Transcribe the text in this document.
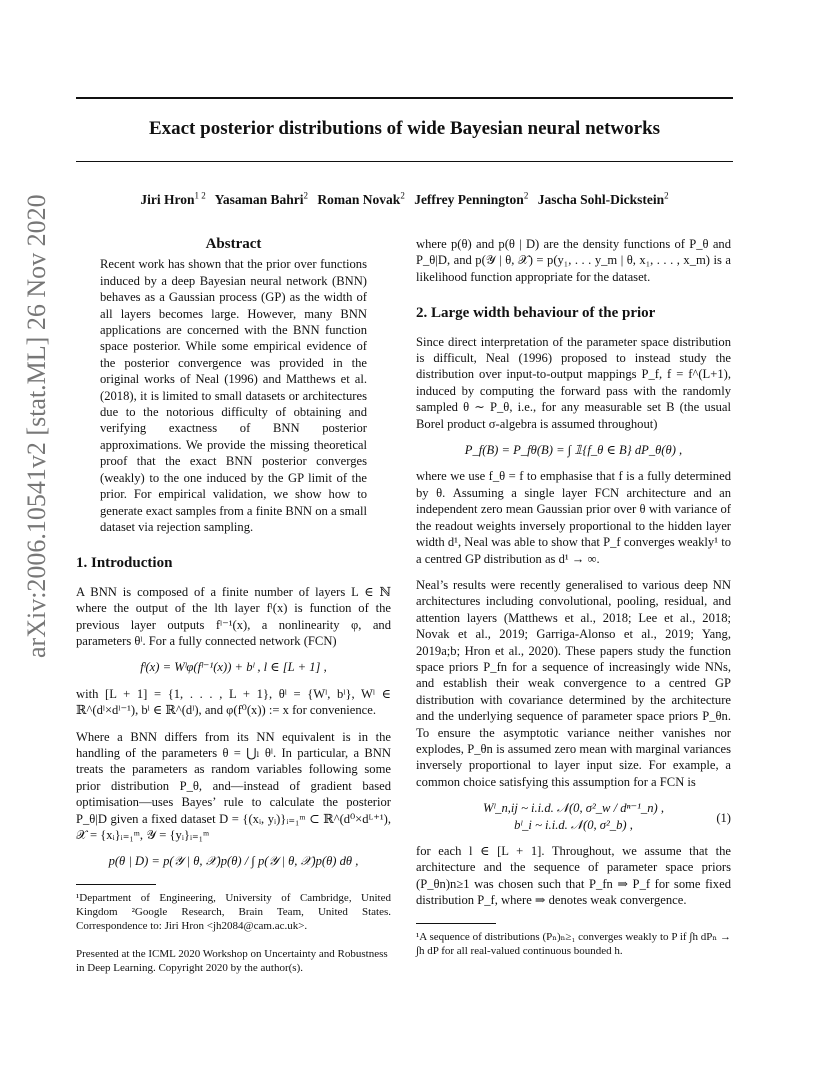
Exact posterior distributions of wide Bayesian neural networks
Jiri Hron$^{1 2}$ Yasaman Bahri$^2$ Roman Novak$^2$ Jeffrey Pennington$^2$ Jascha Sohl-Dickstein$^2$
arXiv:2006.10541v2 [stat.ML] 26 Nov 2020	Abstract
Recent work has shown that the prior over functions induced by a deep Bayesian neural network (BNN) behaves as a Gaussian process (GP) as the width of all layers becomes large. However, many BNN applications are concerned with the BNN function space posterior. While some empirical evidence of the posterior convergence was provided in the original works of Neal (1996) and Matthews et al. (2018), it is limited to small datasets or architectures due to the notorious difficulty of obtaining and verifying exactness of BNN posterior approximations. We provide the missing theoretical proof that the exact BNN posterior converges (weakly) to the one induced by the GP limit of the prior. For empirical validation, we show how to generate exact samples from a finite BNN on a small dataset via rejection sampling.
1. Introduction

A BNN is composed of a finite number of layers L ∈ ℕ where the output of the lth layer fˡ(x) is function of the previous layer outputs fˡ⁻¹(x), a nonlinearity φ, and parameters θˡ. For a fully connected network (FCN)

fˡ(x) = Wˡφ(fˡ⁻¹(x)) + bˡ , l ∈ [L + 1] ,

with [L + 1] = {1, . . . , L + 1}, θˡ = {Wˡ, bˡ}, Wˡ ∈ ℝ^(dˡ×dˡ⁻¹), bˡ ∈ ℝ^(dˡ), and φ(f⁰(x)) := x for convenience.

Where a BNN differs from its NN equivalent is in the handling of the parameters θ = ⋃ₗ θˡ. In particular, a BNN treats the parameters as random variables following some prior distribution P_θ, and—instead of gradient based optimisation—uses Bayes’ rule to calculate the posterior P_θ|D given a fixed dataset D = {(xᵢ, yᵢ)}ᵢ₌₁ᵐ ⊂ ℝ^(d⁰×dᴸ⁺¹), 𝒳 = {xᵢ}ᵢ₌₁ᵐ, 𝒴 = {yᵢ}ᵢ₌₁ᵐ

p(θ | D) = p(𝒴 | θ, 𝒳)p(θ) / ∫ p(𝒴 | θ, 𝒳)p(θ) dθ ,
¹Department of Engineering, University of Cambridge, United Kingdom ²Google Research, Brain Team, United States. Correspondence to: Jiri Hron <jh2084@cam.ac.uk>.
Presented at the ICML 2020 Workshop on Uncertainty and Robustness in Deep Learning. Copyright 2020 by the author(s).

where p(θ) and p(θ | D) are the density functions of P_θ and P_θ|D, and p(𝒴 | θ, 𝒳) = p(y₁, . . . y_m | θ, x₁, . . . , x_m) is a likelihood function appropriate for the dataset.

2. Large width behaviour of the prior

Since direct interpretation of the parameter space distribution is difficult, Neal (1996) proposed to instead study the distribution over input-to-output mappings P_f, f = f^(L+1), induced by computing the forward pass with the randomly sampled θ ∼ P_θ, i.e., for any measurable set B (the usual Borel product σ-algebra is assumed throughout)

P_f(B) = P_fθ(B) = ∫ 𝟙{f_θ ∈ B} dP_θ(θ) ,

where we use f_θ = f to emphasise that f is a fully determined by θ. Assuming a single layer FCN architecture and an independent zero mean Gaussian prior over θ with variance of the readout weights inversely proportional to the hidden layer width d¹, Neal was able to show that P_f converges weakly¹ to a centred GP distribution as d¹ → ∞.

Neal’s results were recently generalised to various deep NN architectures including convolutional, pooling, residual, and attention layers (Matthews et al., 2018; Lee et al., 2018; Novak et al., 2019; Garriga-Alonso et al., 2019; Yang, 2019a;b; Hron et al., 2020). These papers study the function space priors P_fn for a sequence of increasingly wide NNs, and establish their weak convergence to a centred GP distribution with covariance determined by the architecture and the underlying sequence of parameter space priors P_θn. To ensure the asymptotic variance neither vanishes nor explodes, P_θn is assumed zero mean with marginal variances inversely proportional to layer input size. For example, a common choice satisfying this assumption for a FCN is

Wˡ_n,ij ~ i.i.d. 𝒩(0, σ²_w / dⁿ⁻¹_n) ,
bˡ_i ~ i.i.d. 𝒩(0, σ²_b) ,	(1)

for each l ∈ [L + 1]. Throughout, we assume that the architecture and the sequence of parameter space priors (P_θn)n≥1 was chosen such that P_fn ⇒ P_f for some fixed distribution P_f, where ⇒ denotes weak convergence.

¹A sequence of distributions (Pₙ)ₙ≥₁ converges weakly to P if ∫h dPₙ → ∫h dP for all real-valued continuous bounded h.
